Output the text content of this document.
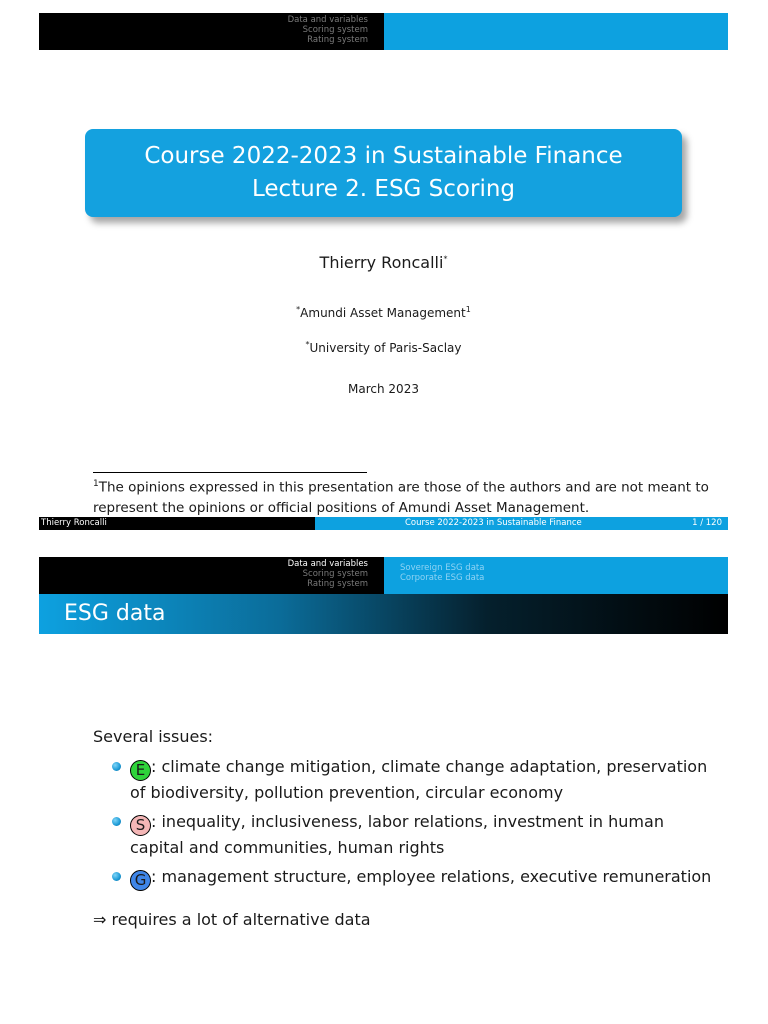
Data and variables
Scoring system
Rating system
Course 2022-2023 in Sustainable Finance
Lecture 2. ESG Scoring
Thierry Roncalli*
*Amundi Asset Management$^1$
*University of Paris-Saclay
March 2023
$^1$The opinions expressed in this presentation are those of the authors and are not meant to represent the opinions or official positions of Amundi Asset Management.
Thierry Roncalli	Course 2022-2023 in Sustainable Finance	1 / 120
Data and variables
Scoring system
Rating system
Sovereign ESG data
Corporate ESG data
ESG data
Several issues:
E : climate change mitigation, climate change adaptation, preservation of biodiversity, pollution prevention, circular economy
S : inequality, inclusiveness, labor relations, investment in human capital and communities, human rights
G : management structure, employee relations, executive remuneration
⇒ requires a lot of alternative data
